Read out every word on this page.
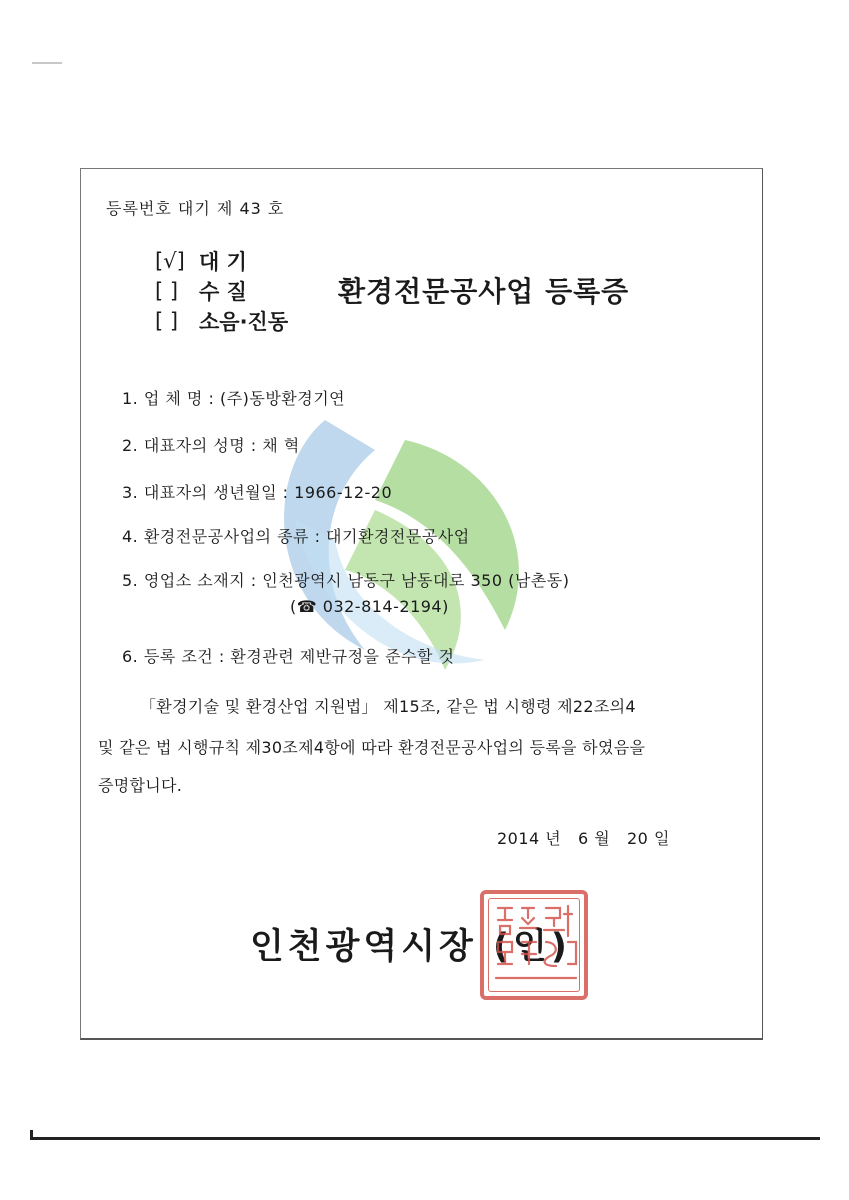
등록번호 대기 제 43 호
[√] 대 기
[ ] 수 질
[ ] 소음·진동
환경전문공사업 등록증
1. 업 체 명 : (주)동방환경기연
2. 대표자의 성명 : 채 혁
3. 대표자의 생년월일 : 1966-12-20
4. 환경전문공사업의 종류 : 대기환경전문공사업
5. 영업소 소재지 : 인천광역시 남동구 남동대로 350 (남촌동)
(☎ 032-814-2194)
6. 등록 조건 : 환경관련 제반규정을 준수할 것
「환경기술 및 환경산업 지원법」 제15조, 같은 법 시행령 제22조의4
및 같은 법 시행규칙 제30조제4항에 따라 환경전문공사업의 등록을 하였음을
증명합니다.
2014 년   6 월   20 일
인천광역시장 (인)
